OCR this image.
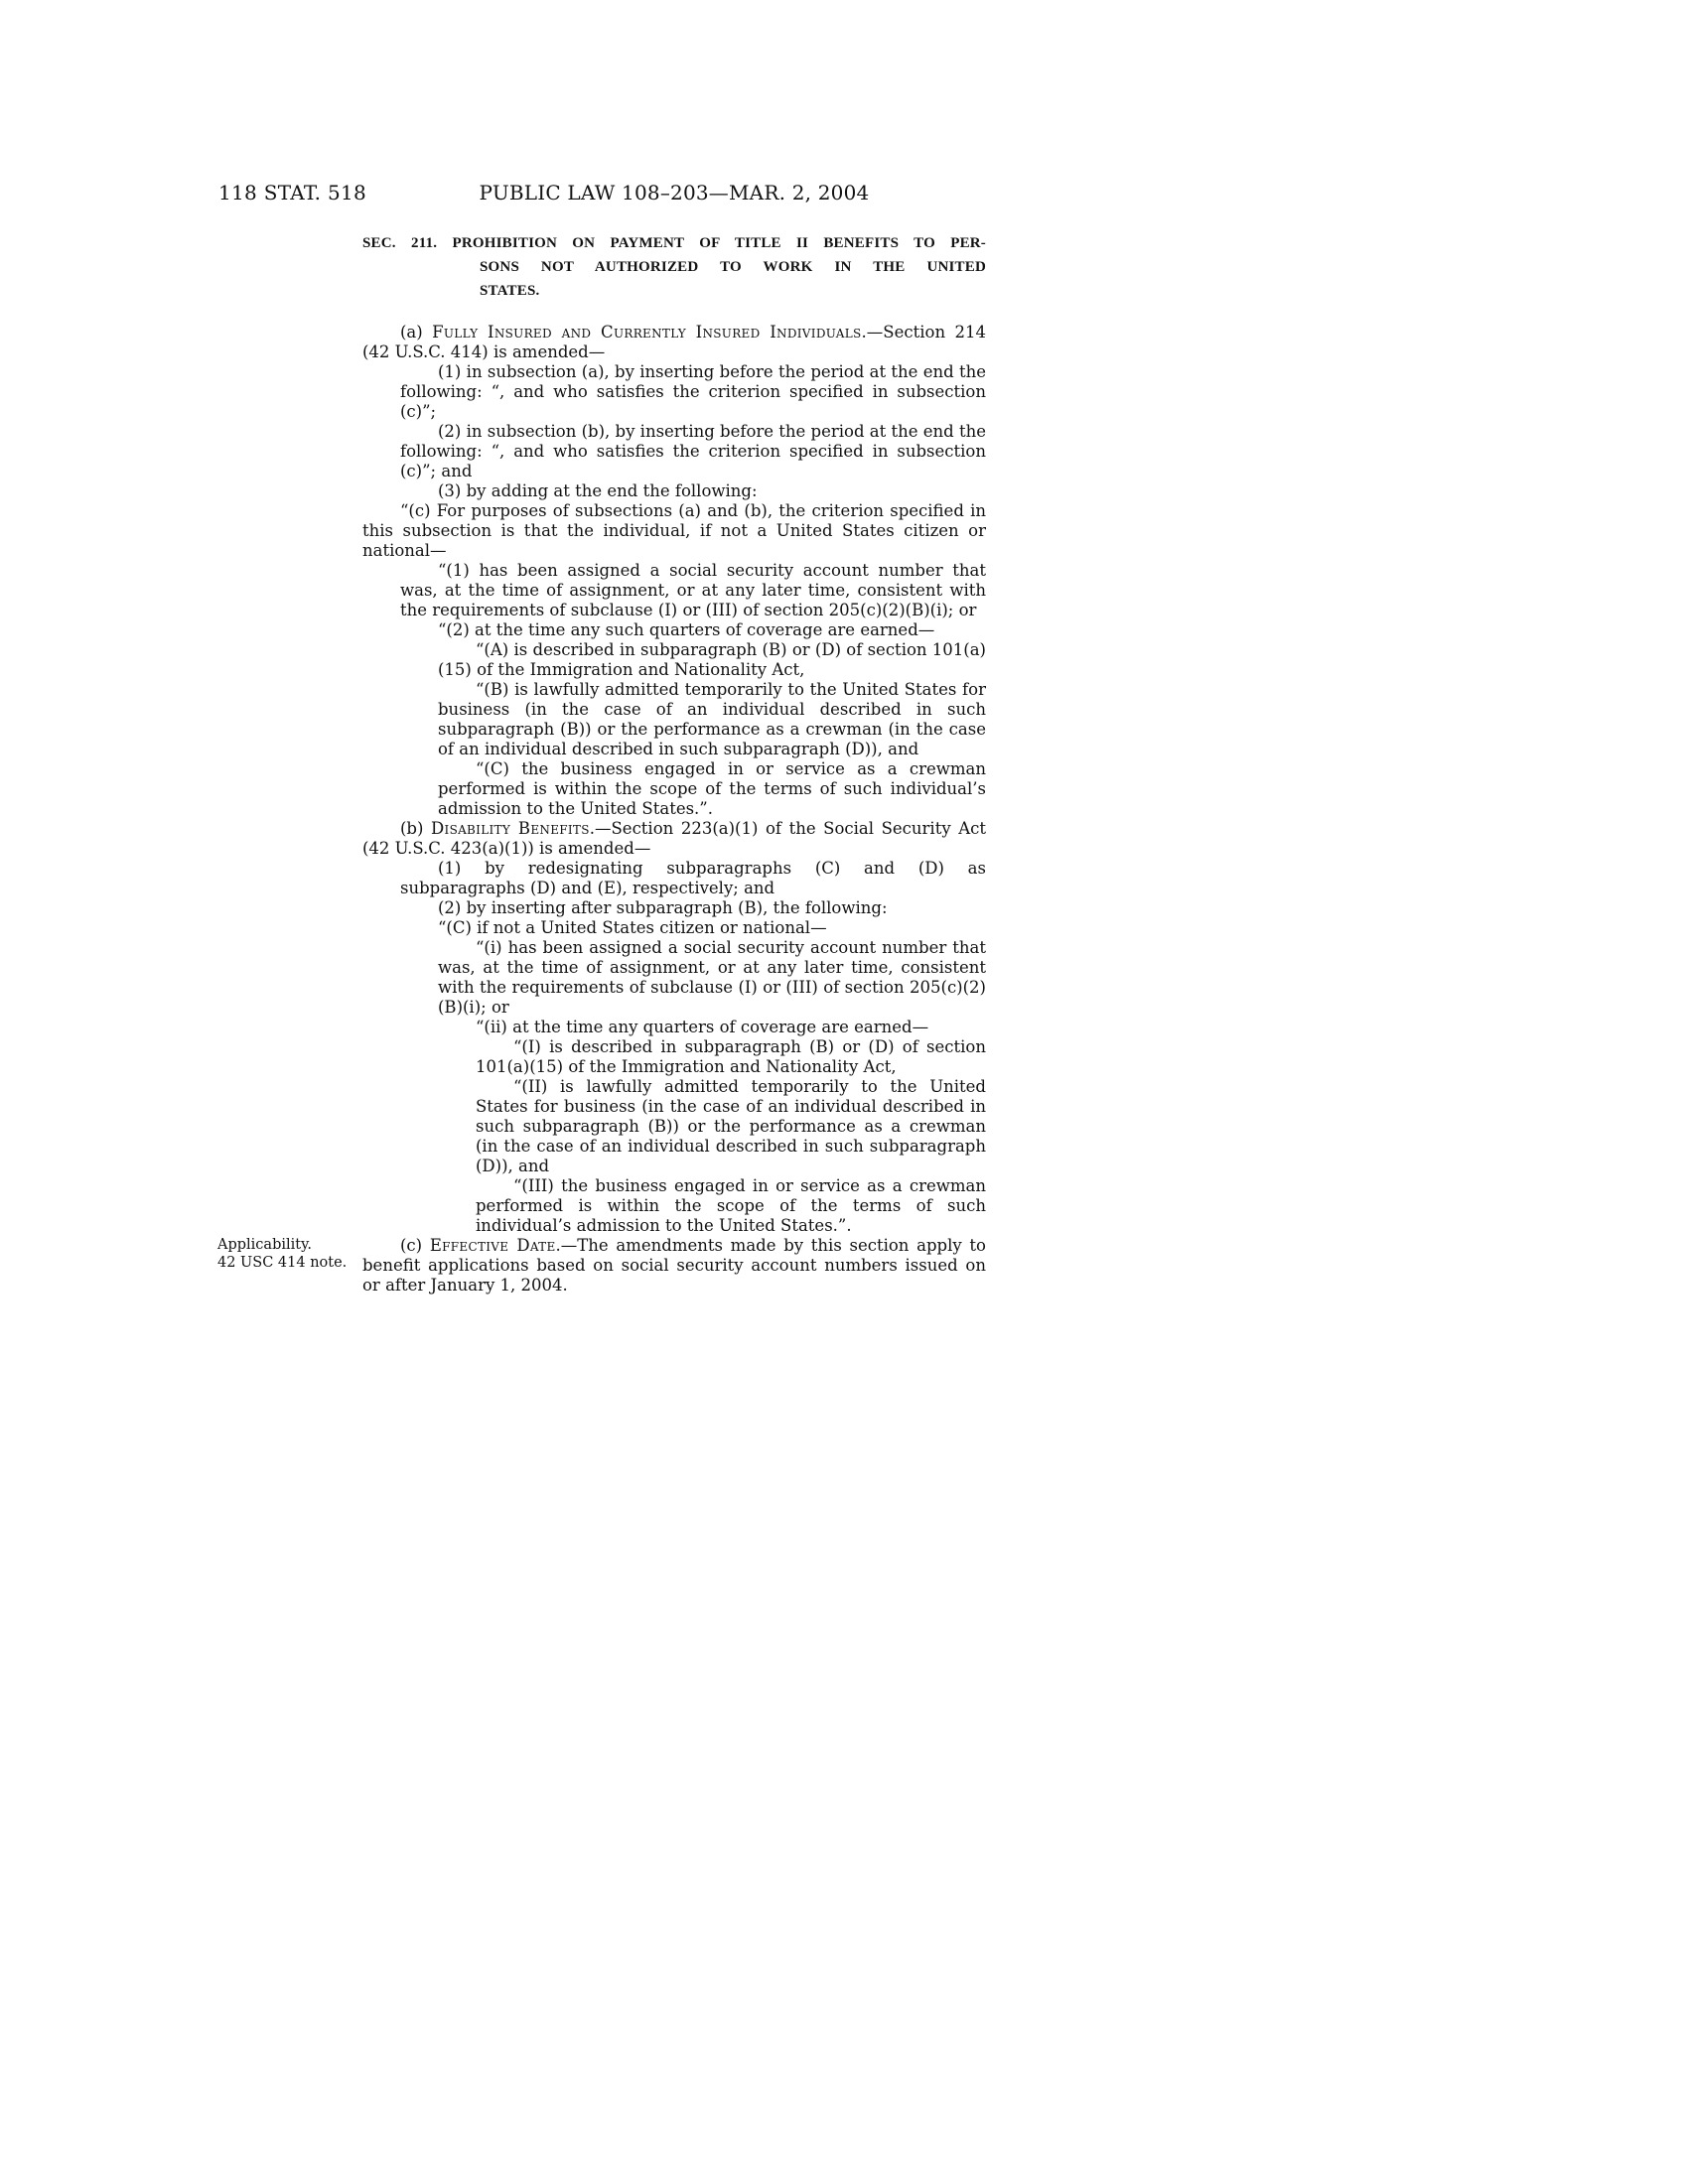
118 STAT. 518	PUBLIC LAW 108–203—MAR. 2, 2004
SEC. 211. PROHIBITION ON PAYMENT OF TITLE II BENEFITS TO PER-
SONS NOT AUTHORIZED TO WORK IN THE UNITED
STATES.
(a) Fully Insured and Currently Insured Individuals.—Section 214 (42 U.S.C. 414) is amended—
(1) in subsection (a), by inserting before the period at the end the following: “, and who satisfies the criterion specified in subsection (c)”;
(2) in subsection (b), by inserting before the period at the end the following: “, and who satisfies the criterion specified in subsection (c)”; and
(3) by adding at the end the following:
“(c) For purposes of subsections (a) and (b), the criterion specified in this subsection is that the individual, if not a United States citizen or national—
“(1) has been assigned a social security account number that was, at the time of assignment, or at any later time, consistent with the requirements of subclause (I) or (III) of section 205(c)(2)(B)(i); or
“(2) at the time any such quarters of coverage are earned—
“(A) is described in subparagraph (B) or (D) of section 101(a)(15) of the Immigration and Nationality Act,
“(B) is lawfully admitted temporarily to the United States for business (in the case of an individual described in such subparagraph (B)) or the performance as a crewman (in the case of an individual described in such subparagraph (D)), and
“(C) the business engaged in or service as a crewman performed is within the scope of the terms of such individual’s admission to the United States.”.
(b) Disability Benefits.—Section 223(a)(1) of the Social Security Act (42 U.S.C. 423(a)(1)) is amended—
(1) by redesignating subparagraphs (C) and (D) as subparagraphs (D) and (E), respectively; and
(2) by inserting after subparagraph (B), the following:
“(C) if not a United States citizen or national—
“(i) has been assigned a social security account number that was, at the time of assignment, or at any later time, consistent with the requirements of subclause (I) or (III) of section 205(c)(2)(B)(i); or
“(ii) at the time any quarters of coverage are earned—
“(I) is described in subparagraph (B) or (D) of section 101(a)(15) of the Immigration and Nationality Act,
“(II) is lawfully admitted temporarily to the United States for business (in the case of an individual described in such subparagraph (B)) or the performance as a crewman (in the case of an individual described in such subparagraph (D)), and
“(III) the business engaged in or service as a crewman performed is within the scope of the terms of such individual’s admission to the United States.”.
(c) Effective Date.—The amendments made by this section apply to benefit applications based on social security account numbers issued on or after January 1, 2004.
Applicability.
42 USC 414 note.
